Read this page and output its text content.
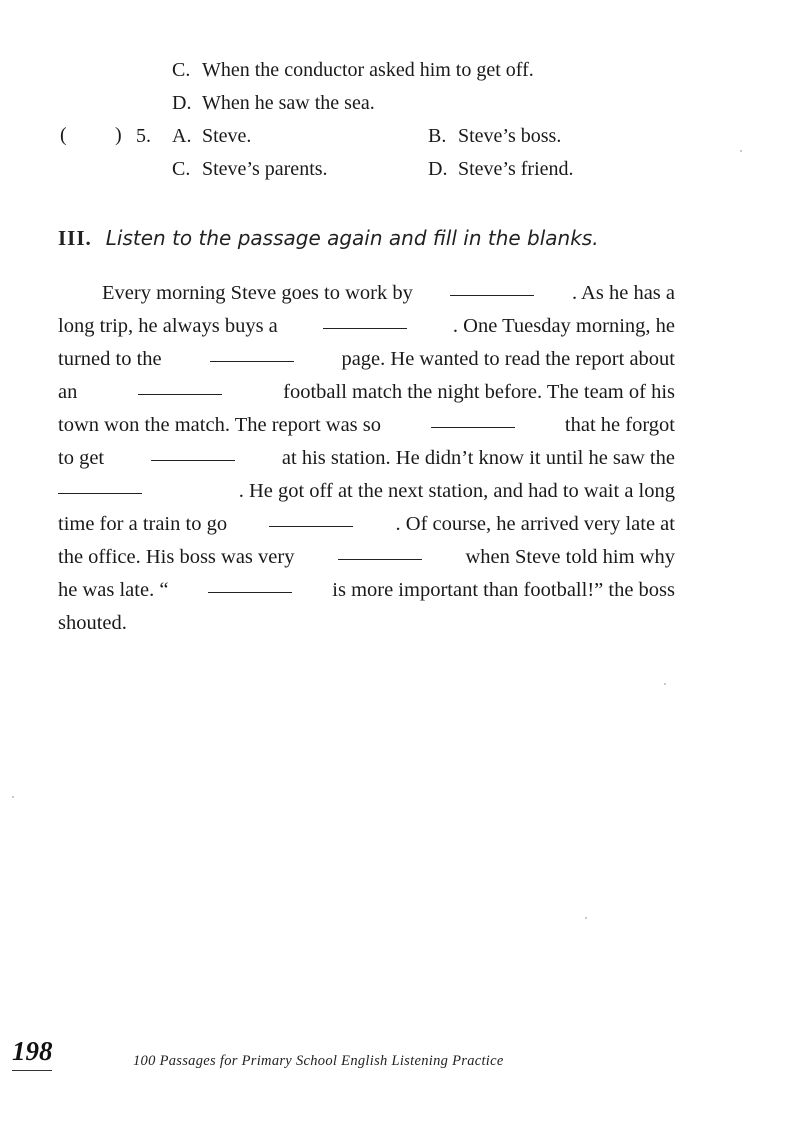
C. When the conductor asked him to get off.
D. When he saw the sea.
( ) 5. A. Steve.	B. Steve’s boss.
C. Steve’s parents.	D. Steve’s friend.
III. Listen to the passage again and fill in the blanks.
Every morning Steve goes to work by	. As he has a
long trip, he always buys a	. One Tuesday morning, he
turned to the	page. He wanted to read the report about
an	football match the night before. The team of his
town won the match. The report was so	that he forgot
to get	at his station. He didn’t know it until he saw the
. He got off at the next station, and had to wait a long
time for a train to go	. Of course, he arrived very late at
the office. His boss was very	when Steve told him why
he was late. “	is more important than football!” the boss
shouted.
198	100 Passages for Primary School English Listening Practice
